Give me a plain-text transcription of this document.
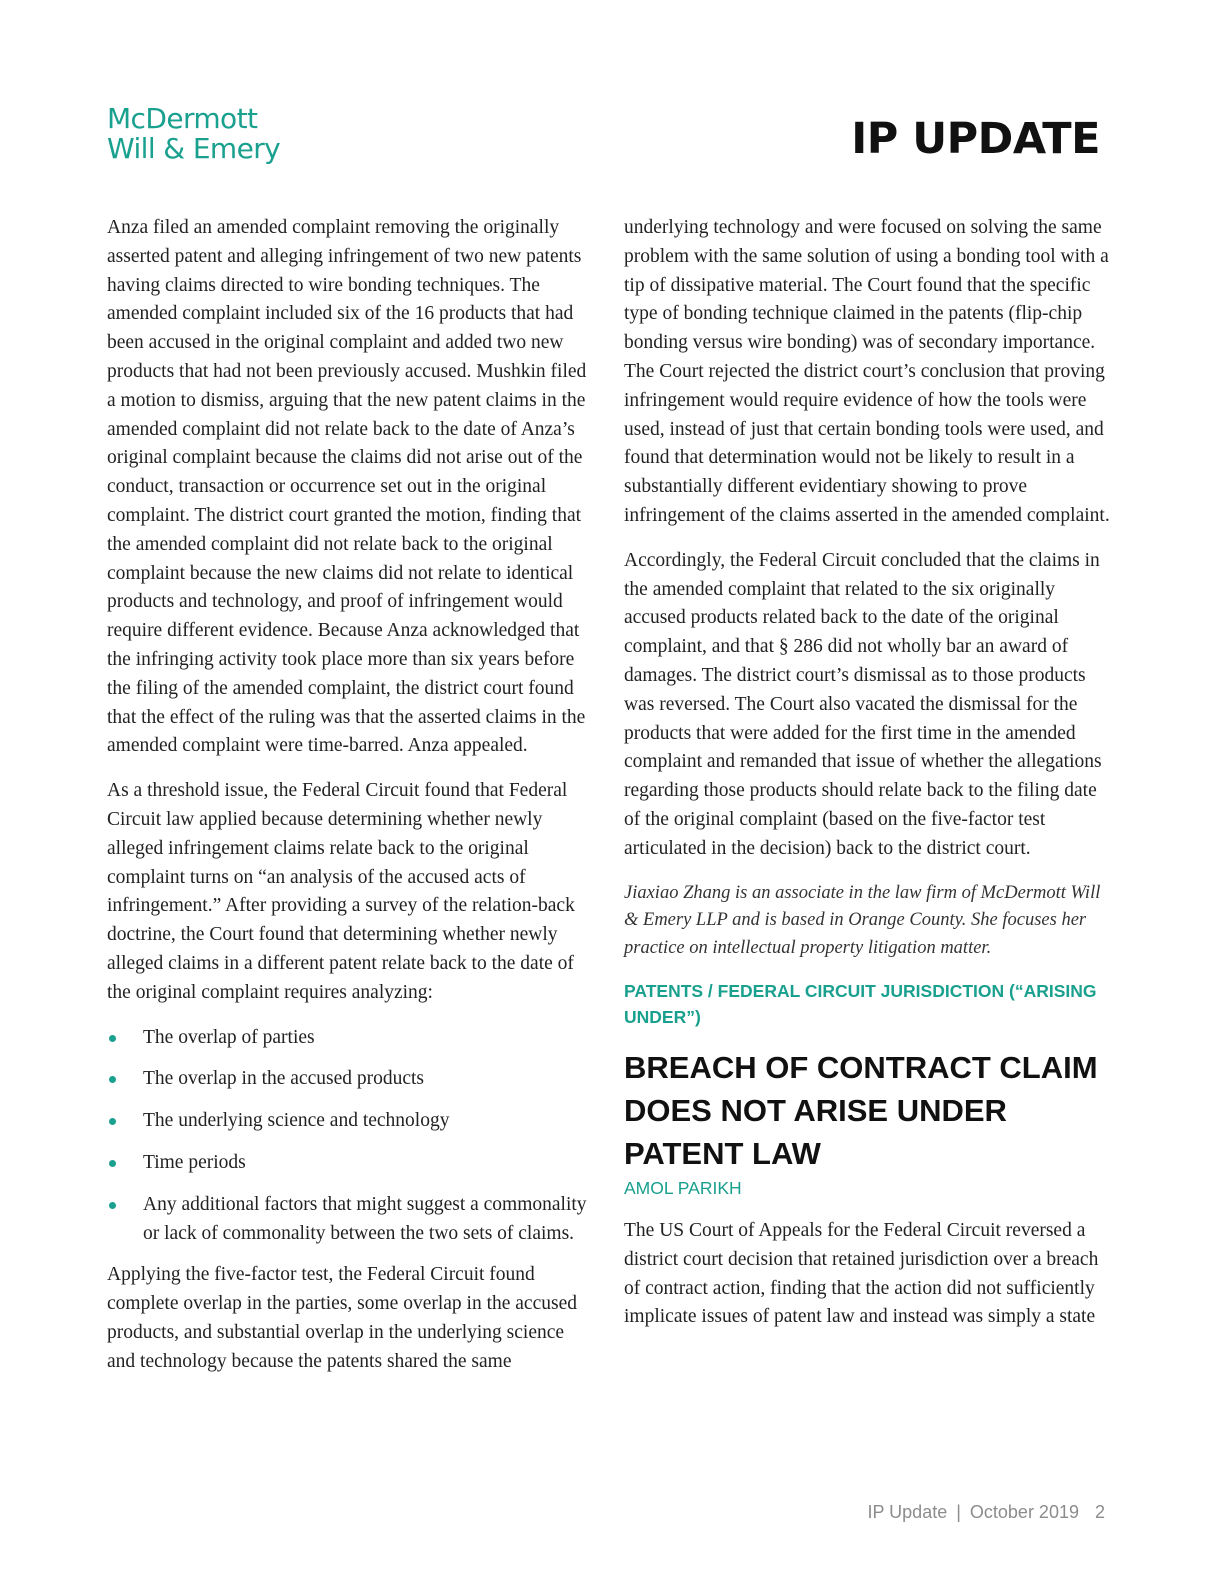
McDermott
Will & Emery	IP UPDATE

Anza filed an amended complaint removing the originally asserted patent and alleging infringement of two new patents having claims directed to wire bonding techniques. The amended complaint included six of the 16 products that had been accused in the original complaint and added two new products that had not been previously accused. Mushkin filed a motion to dismiss, arguing that the new patent claims in the amended complaint did not relate back to the date of Anza’s original complaint because the claims did not arise out of the conduct, transaction or occurrence set out in the original complaint. The district court granted the motion, finding that the amended complaint did not relate back to the original complaint because the new claims did not relate to identical products and technology, and proof of infringement would require different evidence. Because Anza acknowledged that the infringing activity took place more than six years before the filing of the amended complaint, the district court found that the effect of the ruling was that the asserted claims in the amended complaint were time-barred. Anza appealed.

As a threshold issue, the Federal Circuit found that Federal Circuit law applied because determining whether newly alleged infringement claims relate back to the original complaint turns on “an analysis of the accused acts of infringement.” After providing a survey of the relation-back doctrine, the Court found that determining whether newly alleged claims in a different patent relate back to the date of the original complaint requires analyzing:

The overlap of parties
The overlap in the accused products
The underlying science and technology
Time periods
Any additional factors that might suggest a commonality or lack of commonality between the two sets of claims.

Applying the five-factor test, the Federal Circuit found complete overlap in the parties, some overlap in the accused products, and substantial overlap in the underlying science and technology because the patents shared the same

underlying technology and were focused on solving the same problem with the same solution of using a bonding tool with a tip of dissipative material. The Court found that the specific type of bonding technique claimed in the patents (flip-chip bonding versus wire bonding) was of secondary importance. The Court rejected the district court’s conclusion that proving infringement would require evidence of how the tools were used, instead of just that certain bonding tools were used, and found that determination would not be likely to result in a substantially different evidentiary showing to prove infringement of the claims asserted in the amended complaint.

Accordingly, the Federal Circuit concluded that the claims in the amended complaint that related to the six originally accused products related back to the date of the original complaint, and that § 286 did not wholly bar an award of damages. The district court’s dismissal as to those products was reversed. The Court also vacated the dismissal for the products that were added for the first time in the amended complaint and remanded that issue of whether the allegations regarding those products should relate back to the filing date of the original complaint (based on the five-factor test articulated in the decision) back to the district court.

Jiaxiao Zhang is an associate in the law firm of McDermott Will & Emery LLP and is based in Orange County. She focuses her practice on intellectual property litigation matter.

PATENTS / FEDERAL CIRCUIT JURISDICTION (“ARISING UNDER”)

BREACH OF CONTRACT CLAIM DOES NOT ARISE UNDER PATENT LAW

AMOL PARIKH

The US Court of Appeals for the Federal Circuit reversed a district court decision that retained jurisdiction over a breach of contract action, finding that the action did not sufficiently implicate issues of patent law and instead was simply a state

IP Update | October 2019 2
